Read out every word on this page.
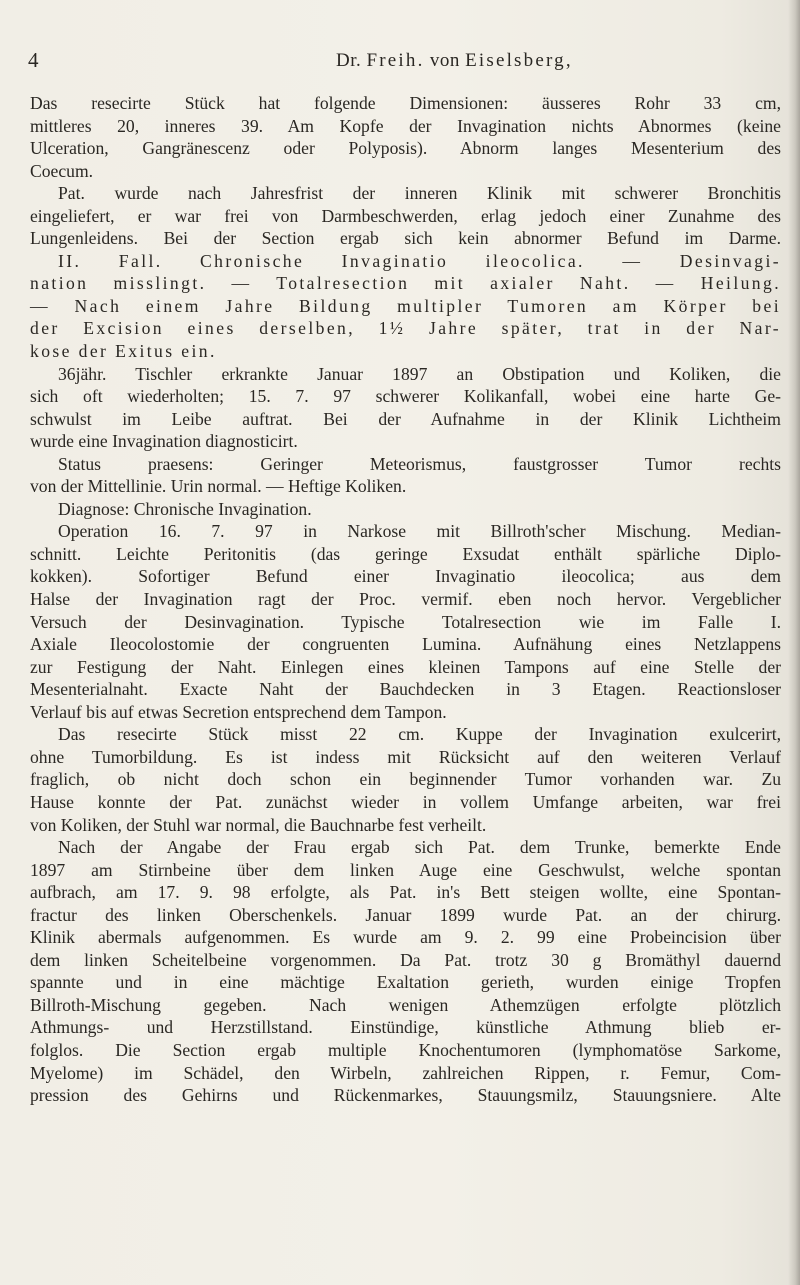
4	Dr. Freih. von Eiselsberg,
Das resecirte Stück hat folgende Dimensionen: äusseres Rohr 33 cm,
mittleres 20, inneres 39. Am Kopfe der Invagination nichts Abnormes (keine
Ulceration, Gangränescenz oder Polyposis). Abnorm langes Mesenterium des
Coecum.
Pat. wurde nach Jahresfrist der inneren Klinik mit schwerer Bronchitis
eingeliefert, er war frei von Darmbeschwerden, erlag jedoch einer Zunahme des
Lungenleidens. Bei der Section ergab sich kein abnormer Befund im Darme.
II. Fall. Chronische Invaginatio ileocolica. — Desinvagi-
nation misslingt. — Totalresection mit axialer Naht. — Heilung.
— Nach einem Jahre Bildung multipler Tumoren am Körper bei
der Excision eines derselben, 1½ Jahre später, trat in der Nar-
kose der Exitus ein.
36jähr. Tischler erkrankte Januar 1897 an Obstipation und Koliken, die
sich oft wiederholten; 15. 7. 97 schwerer Kolikanfall, wobei eine harte Ge-
schwulst im Leibe auftrat. Bei der Aufnahme in der Klinik Lichtheim
wurde eine Invagination diagnosticirt.
Status praesens: Geringer Meteorismus, faustgrosser Tumor rechts
von der Mittellinie. Urin normal. — Heftige Koliken.
Diagnose: Chronische Invagination.
Operation 16. 7. 97 in Narkose mit Billroth'scher Mischung. Median-
schnitt. Leichte Peritonitis (das geringe Exsudat enthält spärliche Diplo-
kokken). Sofortiger Befund einer Invaginatio ileocolica; aus dem
Halse der Invagination ragt der Proc. vermif. eben noch hervor. Vergeblicher
Versuch der Desinvagination. Typische Totalresection wie im Falle I.
Axiale Ileocolostomie der congruenten Lumina. Aufnähung eines Netzlappens
zur Festigung der Naht. Einlegen eines kleinen Tampons auf eine Stelle der
Mesenterialnaht. Exacte Naht der Bauchdecken in 3 Etagen. Reactionsloser
Verlauf bis auf etwas Secretion entsprechend dem Tampon.
Das resecirte Stück misst 22 cm. Kuppe der Invagination exulcerirt,
ohne Tumorbildung. Es ist indess mit Rücksicht auf den weiteren Verlauf
fraglich, ob nicht doch schon ein beginnender Tumor vorhanden war. Zu
Hause konnte der Pat. zunächst wieder in vollem Umfange arbeiten, war frei
von Koliken, der Stuhl war normal, die Bauchnarbe fest verheilt.
Nach der Angabe der Frau ergab sich Pat. dem Trunke, bemerkte Ende
1897 am Stirnbeine über dem linken Auge eine Geschwulst, welche spontan
aufbrach, am 17. 9. 98 erfolgte, als Pat. in's Bett steigen wollte, eine Spontan-
fractur des linken Oberschenkels. Januar 1899 wurde Pat. an der chirurg.
Klinik abermals aufgenommen. Es wurde am 9. 2. 99 eine Probeincision über
dem linken Scheitelbeine vorgenommen. Da Pat. trotz 30 g Bromäthyl dauernd
spannte und in eine mächtige Exaltation gerieth, wurden einige Tropfen
Billroth-Mischung gegeben. Nach wenigen Athemzügen erfolgte plötzlich
Athmungs- und Herzstillstand. Einstündige, künstliche Athmung blieb er-
folglos. Die Section ergab multiple Knochentumoren (lymphomatöse Sarkome,
Myelome) im Schädel, den Wirbeln, zahlreichen Rippen, r. Femur, Com-
pression des Gehirns und Rückenmarkes, Stauungsmilz, Stauungsniere. Alte
